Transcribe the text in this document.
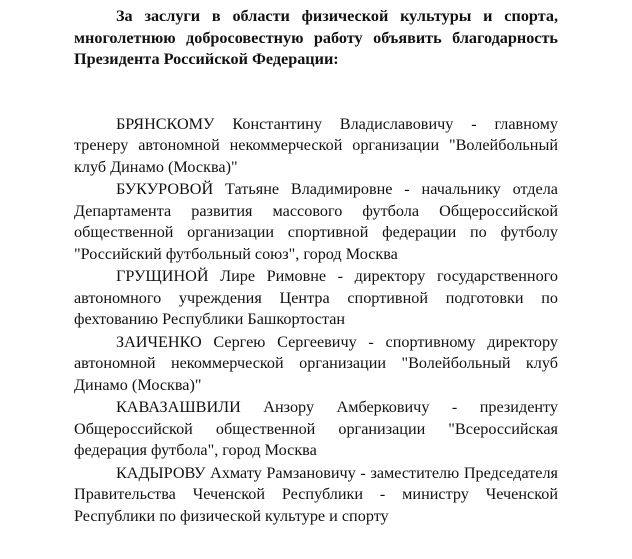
За заслуги в области физической культуры и спорта, многолетнюю добросовестную работу объявить благодарность Президента Российской Федерации:

БРЯНСКОМУ Константину Владиславовичу - главному тренеру автономной некоммерческой организации "Волейбольный клуб Динамо (Москва)"

БУКУРОВОЙ Татьяне Владимировне - начальнику отдела Департамента развития массового футбола Общероссийской общественной организации спортивной федерации по футболу "Российский футбольный союз", город Москва

ГРУЩИНОЙ Лире Римовне - директору государственного автономного учреждения Центра спортивной подготовки по фехтованию Республики Башкортостан

ЗАИЧЕНКО Сергею Сергеевичу - спортивному директору автономной некоммерческой организации "Волейбольный клуб Динамо (Москва)"

КАВАЗАШВИЛИ Анзору Амберковичу - президенту Общероссийской общественной организации "Всероссийская федерация футбола", город Москва

КАДЫРОВУ Ахмату Рамзановичу - заместителю Председателя Правительства Чеченской Республики - министру Чеченской Республики по физической культуре и спорту
